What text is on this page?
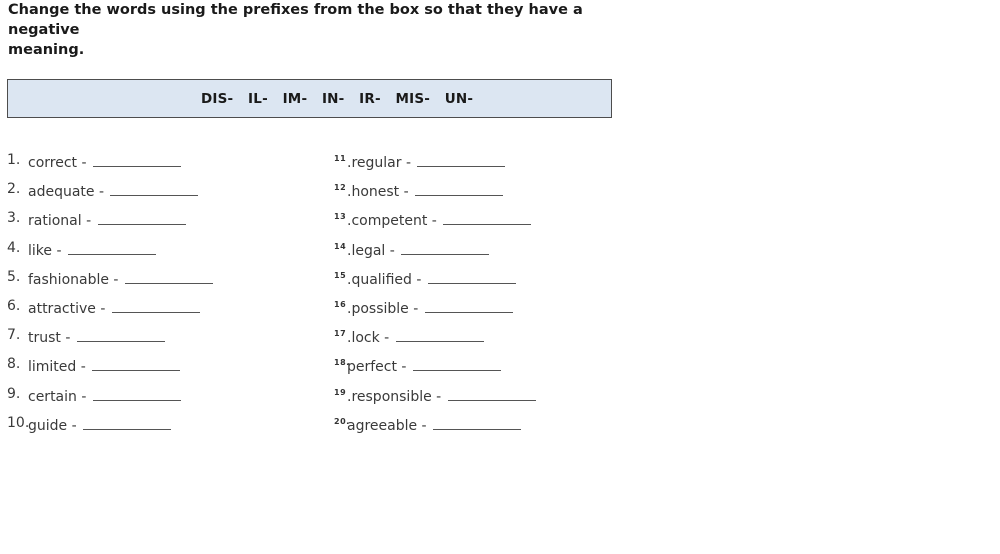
Change the words using the prefixes from the box so that they have a negative
meaning.
DIS-   IL-   IM-   IN-   IR-   MIS-   UN-
1. correct -
2. adequate -
3. rational -
4. like -
5. fashionable -
6. attractive -
7. trust -
8. limited -
9. certain -
10.
guide -
11 .regular -
12 .honest -
13 .competent -
14 .legal -
15 .qualified -
16 .possible -
17 .lock -
18.
perfect -
19 .responsible -
20.
agreeable -
